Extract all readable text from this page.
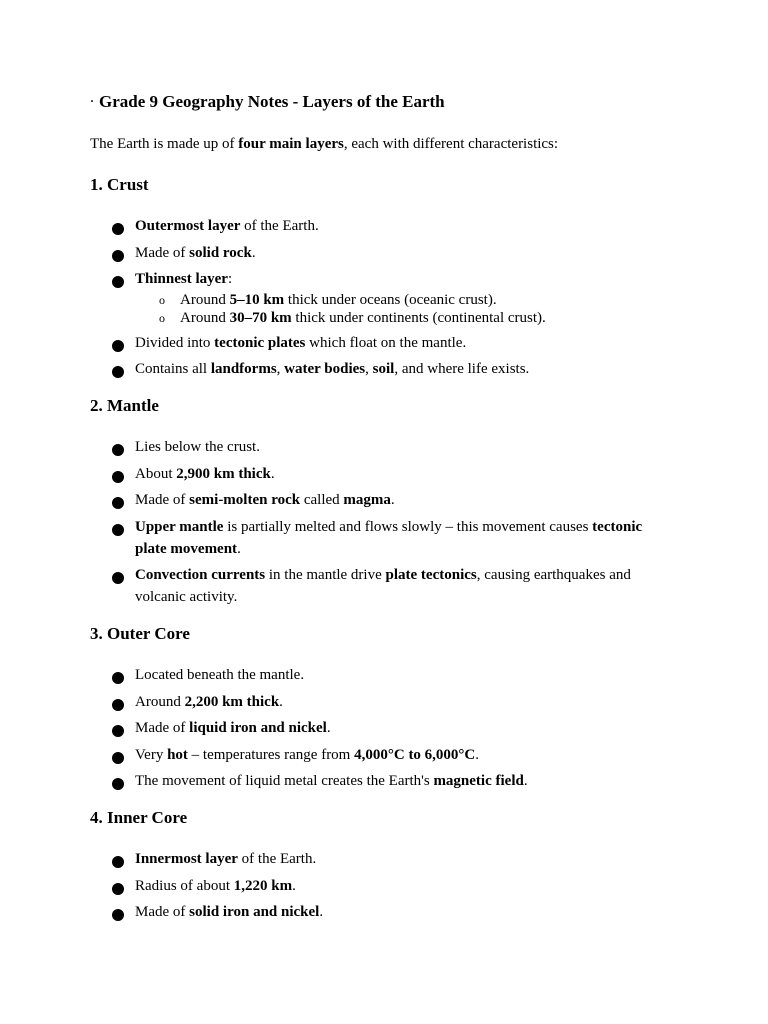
· Grade 9 Geography Notes - Layers of the Earth

The Earth is made up of four main layers, each with different characteristics:

1. Crust
Outermost layer of the Earth.
Made of solid rock.
Thinnest layer:
o Around 5–10 km thick under oceans (oceanic crust).
o Around 30–70 km thick under continents (continental crust).
Divided into tectonic plates which float on the mantle.
Contains all landforms, water bodies, soil, and where life exists.
2. Mantle
Lies below the crust.
About 2,900 km thick.
Made of semi-molten rock called magma.
Upper mantle is partially melted and flows slowly – this movement causes tectonic plate movement.
Convection currents in the mantle drive plate tectonics, causing earthquakes and volcanic activity.
3. Outer Core
Located beneath the mantle.
Around 2,200 km thick.
Made of liquid iron and nickel.
Very hot – temperatures range from 4,000°C to 6,000°C.
The movement of liquid metal creates the Earth's magnetic field.
4. Inner Core
Innermost layer of the Earth.
Radius of about 1,220 km.
Made of solid iron and nickel.
